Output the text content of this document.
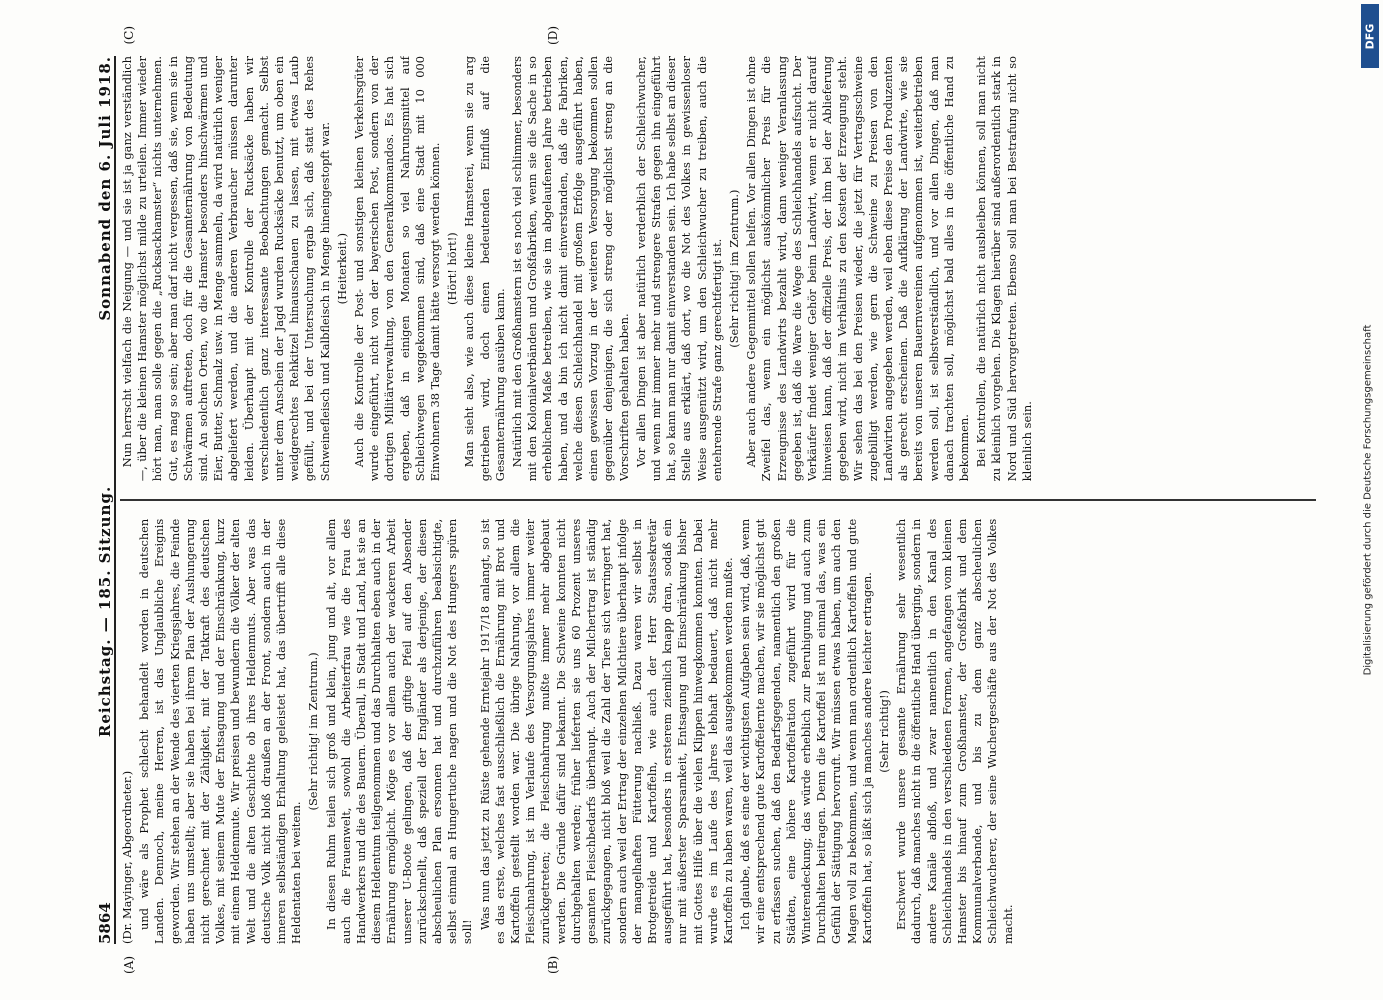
5864
Reichstag. — 185. Sitzung.
Sonnabend den 6. Juli 1918.
(A)	(B)
(C)	(D)

(Dr. Mayinger, Abgeordneter.) und wäre als Prophet schlecht behandelt worden in deutschen Landen. Dennoch, meine Herren, ist das Unglaubliche Ereignis geworden. Wir stehen an der Wende des vierten Kriegsjahres, die Feinde haben uns umstellt; aber sie haben bei ihrem Plan der Aushungerung nicht gerechnet mit der Zähigkeit, mit der Tatkraft des deutschen Volkes, mit seinem Mute der Entsagung und der Einschränkung, kurz mit einem Heldenmute. Wir preisen und bewundern die Völker der alten Welt und die alten Geschichte ob ihres Heldenmuts. Aber was das deutsche Volk nicht bloß draußen an der Front, sondern auch in der inneren selbständigen Erhaltung geleistet hat, das übertrifft alle diese Heldentaten bei weitem.

(Sehr richtig! im Zentrum.) In diesen Ruhm teilen sich groß und klein, jung und alt, vor allem auch die Frauenwelt, sowohl die Arbeiterfrau wie die Frau des Handwerkers und die des Bauern. Überall, in Stadt und Land, hat sie an diesem Heldentum teilgenommen und das Durchhalten eben auch in der Ernährung ermöglicht. Möge es vor allem auch der wackeren Arbeit unserer U-Boote gelingen, daß der giftige Pfeil auf den Absender zurückschnellt, daß speziell der Engländer als derjenige, der diesen abscheulichen Plan ersonnen hat und durchzuführen beabsichtigte, selbst einmal an Hungertuche nagen und die Not des Hungers spüren soll!

Was nun das jetzt zu Rüste gehende Erntejahr 1917/18 anlangt, so ist es das erste, welches fast ausschließlich die Ernährung mit Brot und Kartoffeln gestellt worden war. Die übrige Nahrung, vor allem die Fleischnahrung, ist im Verlaufe des Versorgungsjahres immer weiter zurückgetreten; die Fleischnahrung mußte immer mehr abgebaut werden. Die Gründe dafür sind bekannt. Die Schweine konnten nicht durchgehalten werden; früher lieferten sie uns 60 Prozent unseres gesamten Fleischbedarfs überhaupt. Auch der Milchertrag ist ständig zurückgegangen, nicht bloß weil die Zahl der Tiere sich verringert hat, sondern auch weil der Ertrag der einzelnen Milchtiere überhaupt infolge der mangelhaften Fütterung nachließ. Dazu waren wir selbst in Brotgetreide und Kartoffeln, wie auch der Herr Staatssekretär ausgeführt hat, besonders in ersterem ziemlich knapp dran, sodaß ein nur mit äußerster Sparsamkeit, Entsagung und Einschränkung bisher mit Gottes Hilfe über die vielen Klippen hinwegkommen konnten. Dabei wurde es im Laufe des Jahres lebhaft bedauert, daß nicht mehr Kartoffeln zu haben waren, weil das ausgekommen werden mußte. Ich glaube, daß es eine der wichtigsten Aufgaben sein wird, daß, wenn wir eine entsprechend gute Kartoffelernte machen, wir sie möglichst gut zu erfassen suchen, daß den Bedarfsgegenden, namentlich den großen Städten, eine höhere Kartoffelration zugeführt wird für die Winterendeckung; das würde erheblich zur Beruhigung und auch zum Durchhalten beitragen. Denn die Kartoffel ist nun einmal das, was ein Gefühl der Sättigung hervorruft. Wir müssen etwas haben, um auch den Magen voll zu bekommen, und wenn man ordentlich Kartoffeln und gute Kartoffeln hat, so läßt sich ja manches andere leichter ertragen. (Sehr richtig!) Erschwert wurde unsere gesamte Ernährung sehr wesentlich dadurch, daß manches nicht in die öffentliche Hand überging, sondern in andere Kanäle abfloß, und zwar namentlich in den Kanal des Schleichhandels in den verschiedenen Formen, angefangen vom kleinen Hamster bis hinauf zum Großhamster, der Großfabrik und dem Kommunalverbande, und bis zu dem ganz abscheulichen Schleichwucherer, der seine Wuchergeschäfte aus der Not des Volkes macht.

Nun herrscht vielfach die Neigung — und sie ist ja ganz verständlich —, über die kleinen Hamster möglichst milde zu urteilen. Immer wieder hört man, man solle gegen die „Rucksackhamster“ nichts unternehmen. Gut, es mag so sein; aber man darf nicht vergessen, daß sie, wenn sie in Schwärmen auftreten, doch für die Gesamternährung von Bedeutung sind. An solchen Orten, wo die Hamster besonders hinschwärmen und Eier, Butter, Schmalz usw. in Menge sammeln, da wird natürlich weniger abgeliefert werden, und die anderen Verbraucher müssen darunter leiden. Überhaupt mit der Kontrolle der Rucksäcke haben wir verschiedentlich ganz interessante Beobachtungen gemacht. Selbst unter dem Anschein der Jagd wurden Rucksäcke benutzt, um oben ein weidgerechtes Rehkitzel hinausschauen zu lassen, mit etwas Laub gefüllt, und bei der Untersuchung ergab sich, daß statt des Rehes Schweinefleisch und Kalbfleisch in Menge hineingestopft war. (Heiterkeit.) Auch die Kontrolle der Post- und sonstigen kleinen Verkehrsgüter wurde eingeführt, nicht von der bayerischen Post, sondern von der dortigen Militärverwaltung, von den Generalkommandos. Es hat sich ergeben, daß in einigen Monaten so viel Nahrungsmittel auf Schleichwegen weggekommen sind, daß eine Stadt mit 10 000 Einwohnern 38 Tage damit hätte versorgt werden können. (Hört! hört!) Man sieht also, wie auch diese kleine Hamsterei, wenn sie zu arg getrieben wird, doch einen bedeutenden Einfluß auf die Gesamternährung ausüben kann. Natürlich mit den Großhamstern ist es noch viel schlimmer, besonders mit den Kolonialverbänden und Großfabriken, wenn sie die Sache in so erheblichem Maße betreiben, wie sie im abgelaufenen Jahre betrieben haben, und da bin ich nicht damit einverstanden, daß die Fabriken, welche diesen Schleichhandel mit großem Erfolge ausgeführt haben, einen gewissen Vorzug in der weiteren Versorgung bekommen sollen gegenüber denjenigen, die sich streng oder möglichst streng an die Vorschriften gehalten haben. Vor allen Dingen ist aber natürlich verderblich der Schleichwucher, und wenn mir immer mehr und strengere Strafen gegen ihn eingeführt hat, so kann man nur damit einverstanden sein. Ich habe selbst an dieser Stelle aus erklärt, daß dort, wo die Not des Volkes in gewissenloser Weise ausgenützt wird, um den Schleichwucher zu treiben, auch die entehrende Strafe ganz gerechtfertigt ist. (Sehr richtig! im Zentrum.) Aber auch andere Gegenmittel sollen helfen. Vor allen Dingen ist ohne Zweifel das, wenn ein möglichst auskömmlicher Preis für die Erzeugnisse des Landwirts bezahlt wird, dann weniger Veranlassung gegeben ist, daß die Ware die Wege des Schleichhandels aufsucht. Der Verkäufer findet weniger Gehör beim Landwirt, wenn er nicht darauf hinweisen kann, daß der offizielle Preis, der ihm bei der Ablieferung gegeben wird, nicht im Verhältnis zu den Kosten der Erzeugung steht. Wir sehen das bei den Preisen wieder, die jetzt für Vertragsschweine zugebilligt werden, wie gern die Schweine zu Preisen von den Landwirten angegeben werden, weil eben diese Preise den Produzenten als gerecht erscheinen. Daß die Aufklärung der Landwirte, wie sie bereits von unseren Bauernvereinen aufgenommen ist, weiterbetrieben werden soll, ist selbstverständlich, und vor allen Dingen, daß man danach trachten soll, möglichst bald alles in die öffentliche Hand zu bekommen. Bei Kontrollen, die natürlich nicht ausbleiben können, soll man nicht zu kleinlich vorgehen. Die Klagen hierüber sind außerordentlich stark in Nord und Süd hervorgetreten. Ebenso soll man bei Bestrafung nicht so kleinlich sein.

DFG
Digitalisierung gefördert durch die Deutsche Forschungsgemeinschaft
